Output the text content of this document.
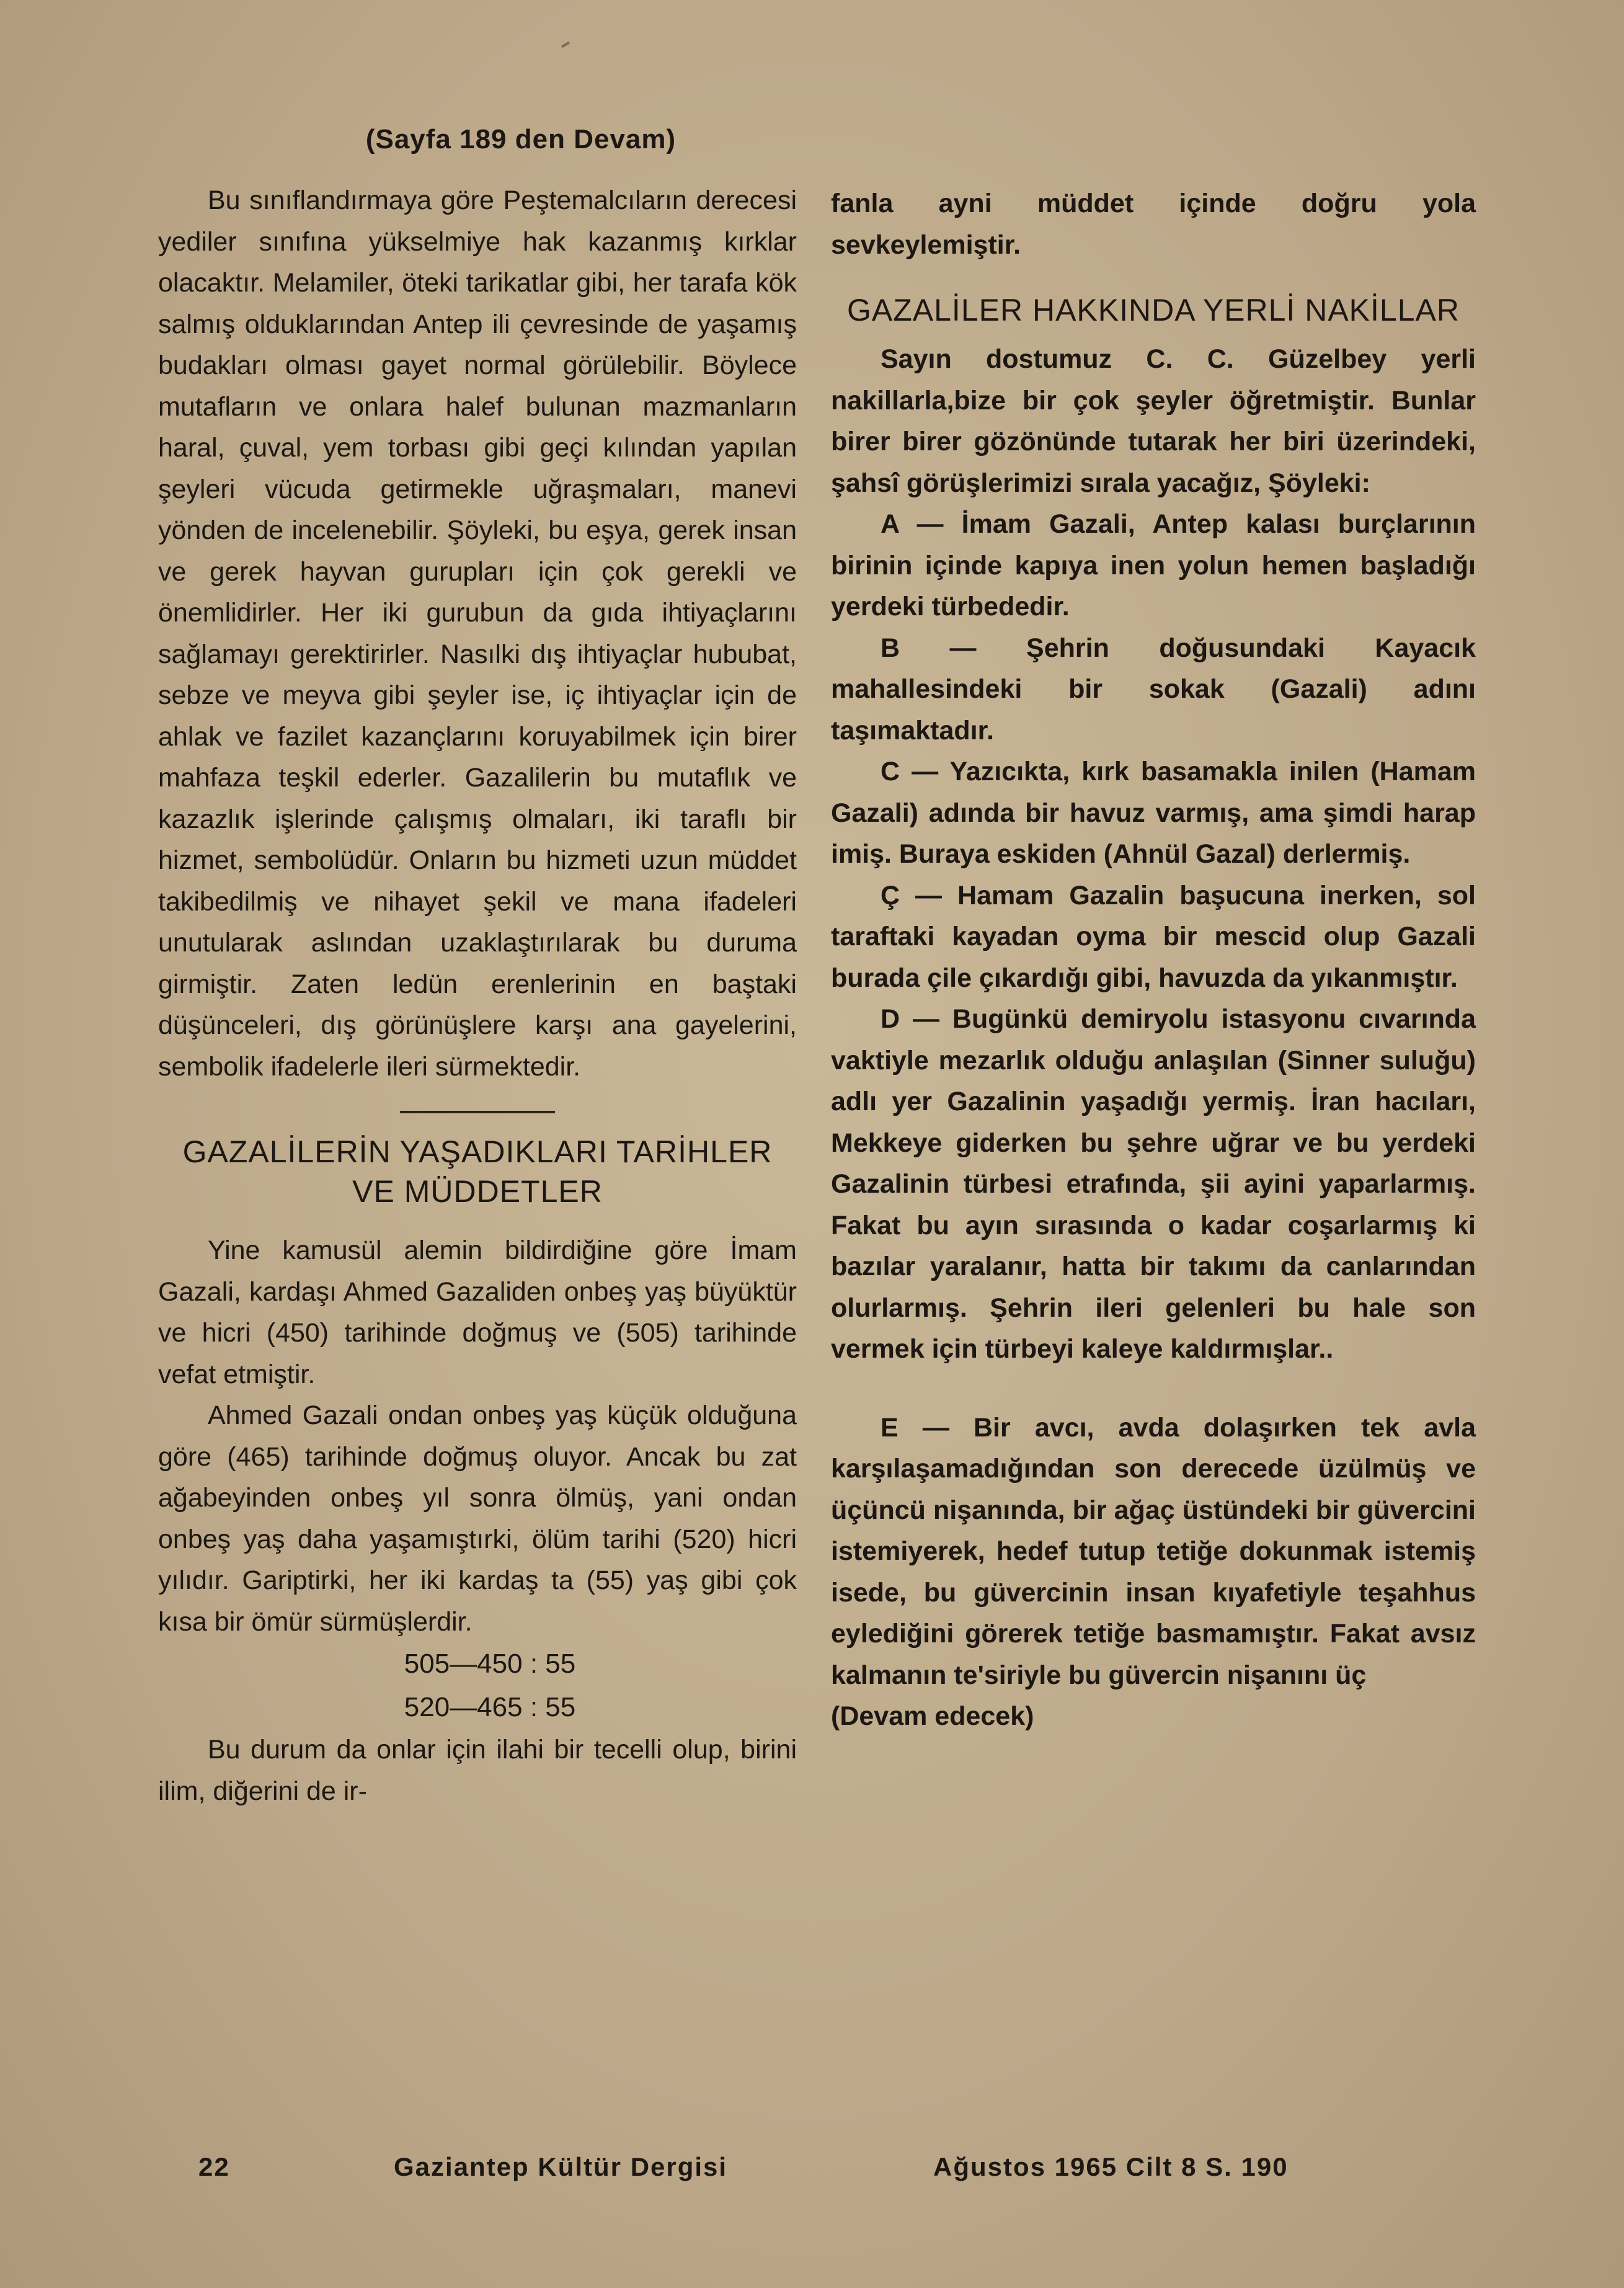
(Sayfa 189 den Devam)

Bu sınıflandırmaya göre Peştemalcıların derecesi yediler sınıfına yükselmiye hak kazanmış kırklar olacaktır. Melamiler, öteki tarikatlar gibi, her tarafa kök salmış olduklarından Antep ili çevresinde de yaşamış budakları olması gayet normal görülebilir. Böylece mutafların ve onlara halef bulunan mazmanların haral, çuval, yem torbası gibi geçi kılından yapılan şeyleri vücuda getirmekle uğraşmaları, manevi yönden de incelenebilir. Şöyleki, bu eşya, gerek insan ve gerek hayvan gurupları için çok gerekli ve önemlidirler. Her iki gurubun da gıda ihtiyaçlarını sağlamayı gerektirirler. Nasılki dış ihtiyaçlar hububat, sebze ve meyva gibi şeyler ise, iç ihtiyaçlar için de ahlak ve fazilet kazançlarını koruyabilmek için birer mahfaza teşkil ederler. Gazalilerin bu mutaflık ve kazazlık işlerinde çalışmış olmaları, iki taraflı bir hizmet, sembolüdür. Onların bu hizmeti uzun müddet takibedilmiş ve nihayet şekil ve mana ifadeleri unutularak aslından uzaklaştırılarak bu duruma girmiştir. Zaten ledün erenlerinin en baştaki düşünceleri, dış görünüşlere karşı ana gayelerini, sembolik ifadelerle ileri sürmektedir.

GAZALİLERİN YAŞADIKLARI TARİHLER VE MÜDDETLER

Yine kamusül alemin bildirdiğine göre İmam Gazali, kardaşı Ahmed Gazaliden onbeş yaş büyüktür ve hicri (450) tarihinde doğmuş ve (505) tarihinde vefat etmiştir.

Ahmed Gazali ondan onbeş yaş küçük olduğuna göre (465) tarihinde doğmuş oluyor. Ancak bu zat ağabeyinden onbeş yıl sonra ölmüş, yani ondan onbeş yaş daha yaşamıştırki, ölüm tarihi (520) hicri yılıdır. Gariptirki, her iki kardaş ta (55) yaş gibi çok kısa bir ömür sürmüşlerdir.

505—450 : 55
520—465 : 55

Bu durum da onlar için ilahi bir tecelli olup, birini ilim, diğerini de ir-

fanla ayni müddet içinde doğru yola sevkeylemiştir.

GAZALİLER HAKKINDA YERLİ NAKİLLAR

Sayın dostumuz C. C. Güzelbey yerli nakillarla,bize bir çok şeyler öğretmiştir. Bunlar birer birer gözönünde tutarak her biri üzerindeki, şahsî görüşlerimizi sırala yacağız, Şöyleki:

A — İmam Gazali, Antep kalası burçlarının birinin içinde kapıya inen yolun hemen başladığı yerdeki türbededir.

B — Şehrin doğusundaki Kayacık mahallesindeki bir sokak (Gazali) adını taşımaktadır.

C — Yazıcıkta, kırk basamakla inilen (Hamam Gazali) adında bir havuz varmış, ama şimdi harap imiş. Buraya eskiden (Ahnül Gazal) derlermiş.

Ç — Hamam Gazalin başucuna inerken, sol taraftaki kayadan oyma bir mescid olup Gazali burada çile çıkardığı gibi, havuzda da yıkanmıştır.

D — Bugünkü demiryolu istasyonu cıvarında vaktiyle mezarlık olduğu anlaşılan (Sinner suluğu) adlı yer Gazalinin yaşadığı yermiş. İran hacıları, Mekkeye giderken bu şehre uğrar ve bu yerdeki Gazalinin türbesi etrafında, şii ayini yaparlarmış. Fakat bu ayın sırasında o kadar coşarlarmış ki bazılar yaralanır, hatta bir takımı da canlarından olurlarmış. Şehrin ileri gelenleri bu hale son vermek için türbeyi kaleye kaldırmışlar..

E — Bir avcı, avda dolaşırken tek avla karşılaşamadığından son derecede üzülmüş ve üçüncü nişanında, bir ağaç üstündeki bir güvercini istemiyerek, hedef tutup tetiğe dokunmak istemiş isede, bu güvercinin insan kıyafetiyle teşahhus eylediğini görerek tetiğe basmamıştır. Fakat avsız kalmanın te'siriyle bu güvercin nişanını üç

(Devam edecek)

22	Gaziantep Kültür Dergisi	Ağustos 1965 Cilt 8 S. 190
